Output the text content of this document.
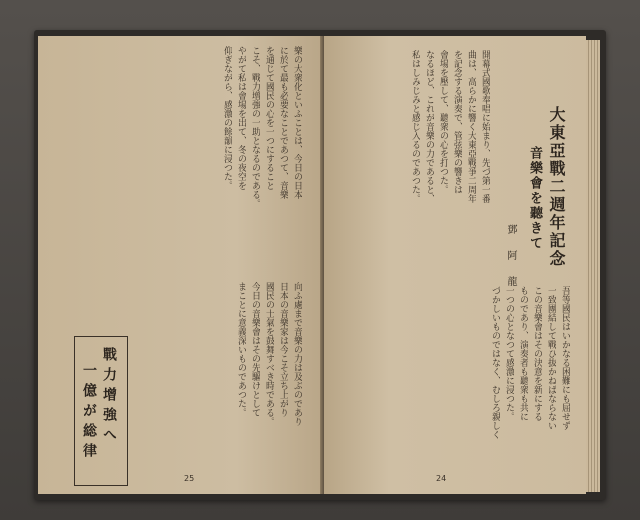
樂の大衆化といふことは、今日の日本
に於て最も必要なことであつて、音樂
を通じて國民の心を一つにすること
こそ、戰力增強の一助となるのである。
やがて私は會場を出て、冬の夜空を
仰ぎながら、感激の餘韻に浸つた。
向ふ處まで音樂の力は及ぶのであり
日本の音樂家は今こそ立ち上がり
國民の士氣を鼓舞すべき時である。
今日の音樂會はその先驅けとして
まことに意義深いものであつた。
戰力增強へ
一億が総律
25
大東亞戰二週年記念
音樂會を聽きて
鄧　阿　龍
開幕式國歌奉唱に始まり、先づ第一番
曲は、高らかに響く大東亞戰爭二周年
を記念する演奏で、管弦樂の響きは
會場を壓して、聽衆の心を打つた。
なるほど、これが音樂の力であると、
私はしみじみと感じ入るのであつた。
吾等國民はいかなる困難にも屈せず
一致團結して戰ひ抜かねばならない
この音樂會はその決意を新にする
ものであり、演奏者も聽衆も共に
一つの心となつて感激に浸つた。
づかしいものではなく、むしろ親しく
24
